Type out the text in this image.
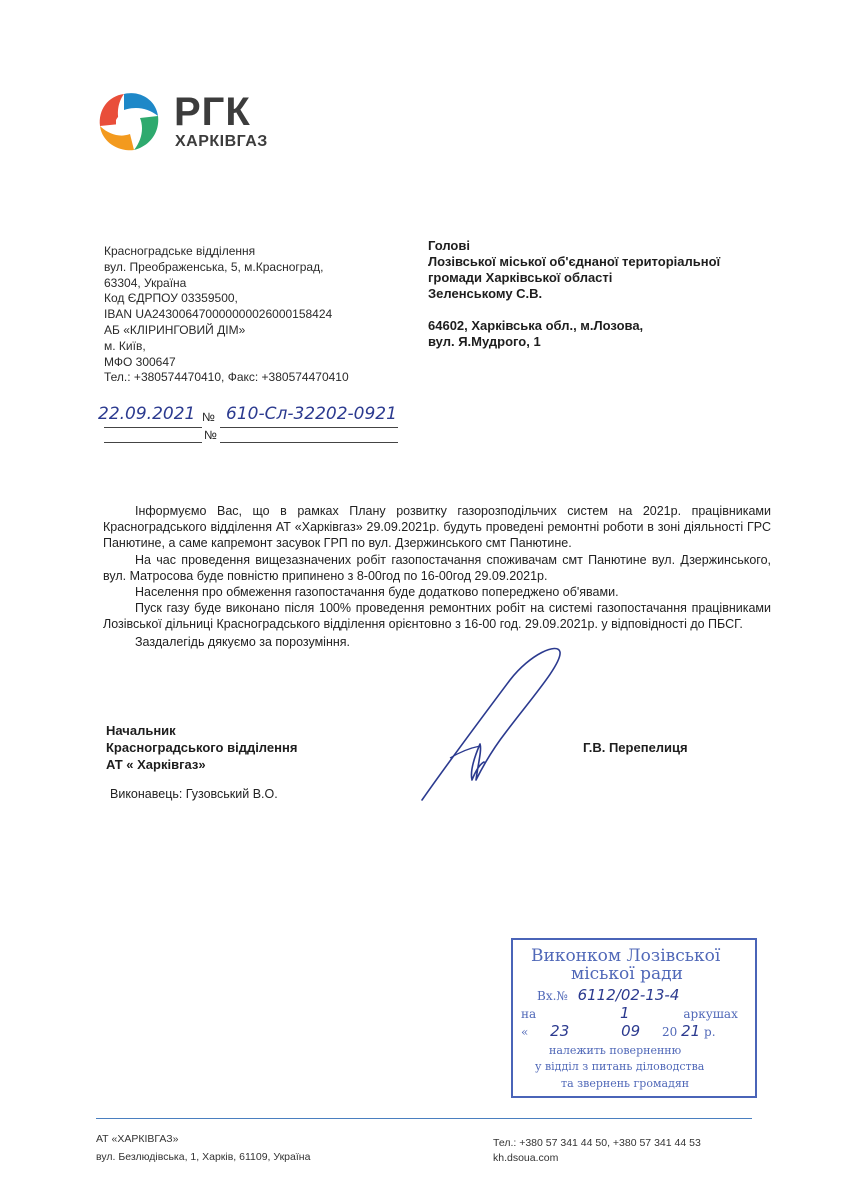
РГК
ХАРКІВГАЗ
Красноградське відділення
вул. Преображенська, 5, м.Красноград,
63304, Україна
Код ЄДРПОУ 03359500,
IBAN UA243006470000000026000158424
АБ «КЛІРИНГОВИЙ ДІМ»
м. Київ,
МФО 300647
Тел.: +380574470410, Факс: +380574470410
Голові
Лозівської міської об'єднаної територіальної
громади Харківської області
Зеленському С.В.
64602, Харківська обл., м.Лозова,
вул. Я.Мудрого, 1
22.09.2021 № 610-Сл-32202-0921
№

Інформуємо Вас, що в рамках Плану розвитку газорозподільчих систем на 2021р. працівниками Красноградського відділення АТ «Харківгаз» 29.09.2021р. будуть проведені ремонтні роботи в зоні діяльності ГРС Панютине, а саме капремонт засувок ГРП по вул. Дзержинського смт Панютине.

На час проведення вищезазначених робіт газопостачання споживачам смт Панютине вул. Дзержинського, вул. Матросова буде повністю припинено з 8-00год по 16-00год 29.09.2021р.

Населення про обмеження газопостачання буде додатково попереджено об'явами.

Пуск газу буде виконано після 100% проведення ремонтних робіт на системі газопостачання працівниками Лозівської дільниці Красноградського відділення орієнтовно з 16-00 год. 29.09.2021р. у відповідності до ПБСГ.

Заздалегідь дякуємо за порозуміння.

Начальник
Красноградського відділення
АТ « Харківгаз»
Г.В. Перепелиця
Виконавець: Гузовський В.О.
Виконком Лозівської
міської ради
Вх.№ 6112/02-13-4
на	1	аркушах
« 23	09 20 21 р.
належить поверненню
у відділ з питань діловодства
та звернень громадян
АТ «ХАРКІВГАЗ»
вул. Безлюдівська, 1, Харків, 61109, Україна
Тел.: +380 57 341 44 50, +380 57 341 44 53
kh.dsoua.com
